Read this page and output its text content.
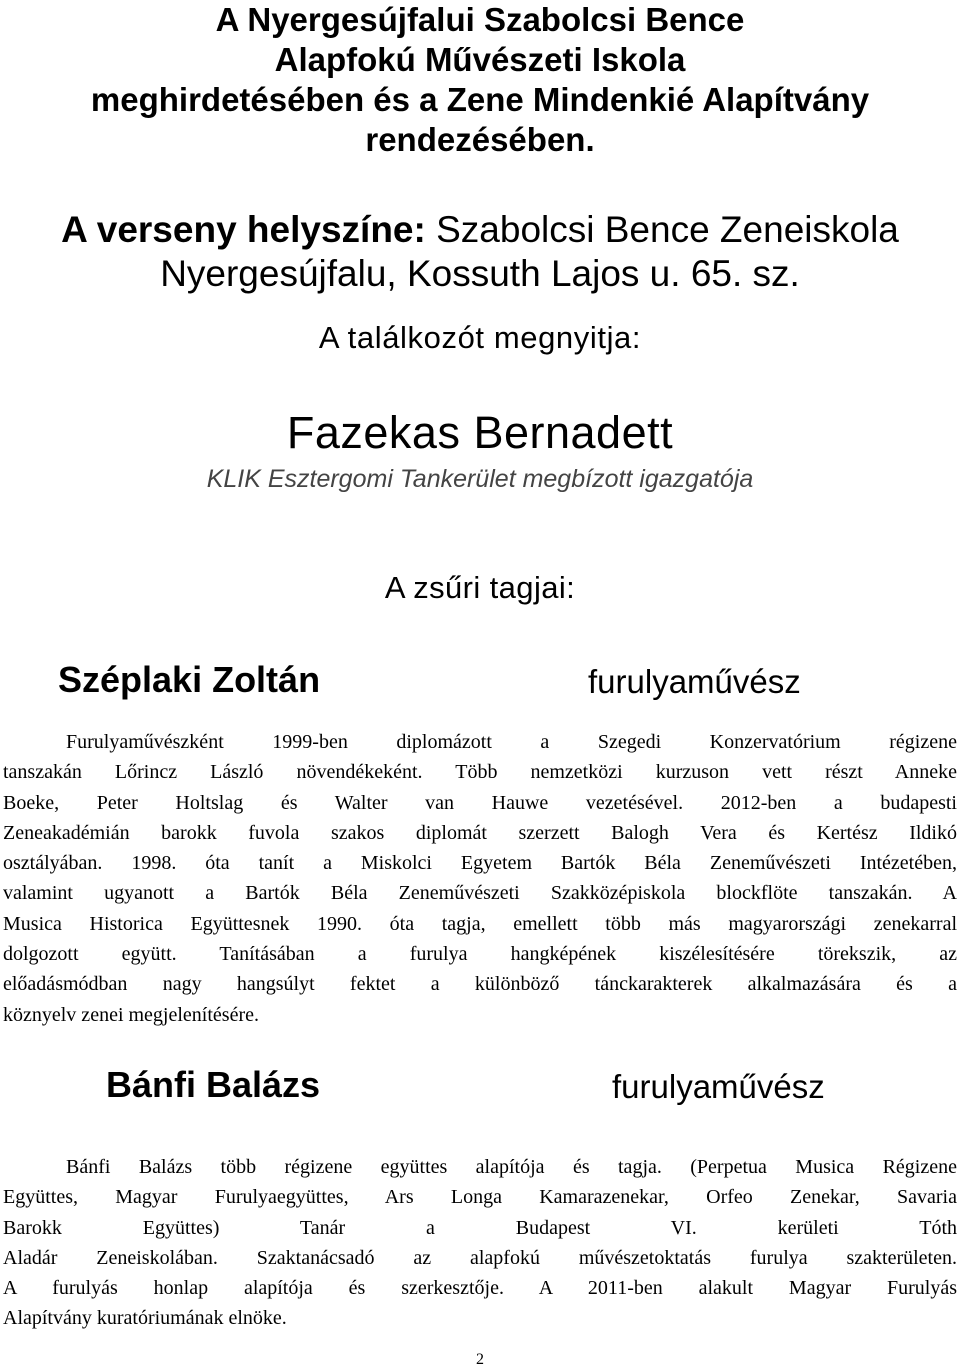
A Nyergesújfalui Szabolcsi Bence
Alapfokú Művészeti Iskola
meghirdetésében és a Zene Mindenkié Alapítvány
rendezésében.
A verseny helyszíne: Szabolcsi Bence Zeneiskola
Nyergesújfalu, Kossuth Lajos u. 65. sz.
A találkozót megnyitja:
Fazekas Bernadett
KLIK Esztergomi Tankerület megbízott igazgatója
A zsűri tagjai:
Széplaki Zoltán	furulyaművész
Furulyaművészként 1999-ben diplomázott a Szegedi Konzervatórium régizene
tanszakán Lőrincz László növendékeként. Több nemzetközi kurzuson vett részt Anneke
Boeke, Peter Holtslag és Walter van Hauwe vezetésével. 2012-ben a budapesti
Zeneakadémián barokk fuvola szakos diplomát szerzett Balogh Vera és Kertész Ildikó
osztályában. 1998. óta tanít a Miskolci Egyetem Bartók Béla Zeneművészeti Intézetében,
valamint ugyanott a Bartók Béla Zeneművészeti Szakközépiskola blockflöte tanszakán. A
Musica Historica Együttesnek 1990. óta tagja, emellett több más magyarországi zenekarral
dolgozott együtt. Tanításában a furulya hangképének kiszélesítésére törekszik, az
előadásmódban nagy hangsúlyt fektet a különböző tánckarakterek alkalmazására és a
köznyelv zenei megjelenítésére.
Bánfi Balázs	furulyaművész
Bánfi Balázs több régizene együttes alapítója és tagja. (Perpetua Musica Régizene
Együttes, Magyar Furulyaegyüttes, Ars Longa Kamarazenekar, Orfeo Zenekar, Savaria
Barokk Együttes) Tanár a Budapest VI. kerületi Tóth
Aladár Zeneiskolában. Szaktanácsadó az alapfokú művészetoktatás furulya szakterületen.
A furulyás honlap alapítója és szerkesztője. A 2011-ben alakult Magyar Furulyás
Alapítvány kuratóriumának elnöke.
2
